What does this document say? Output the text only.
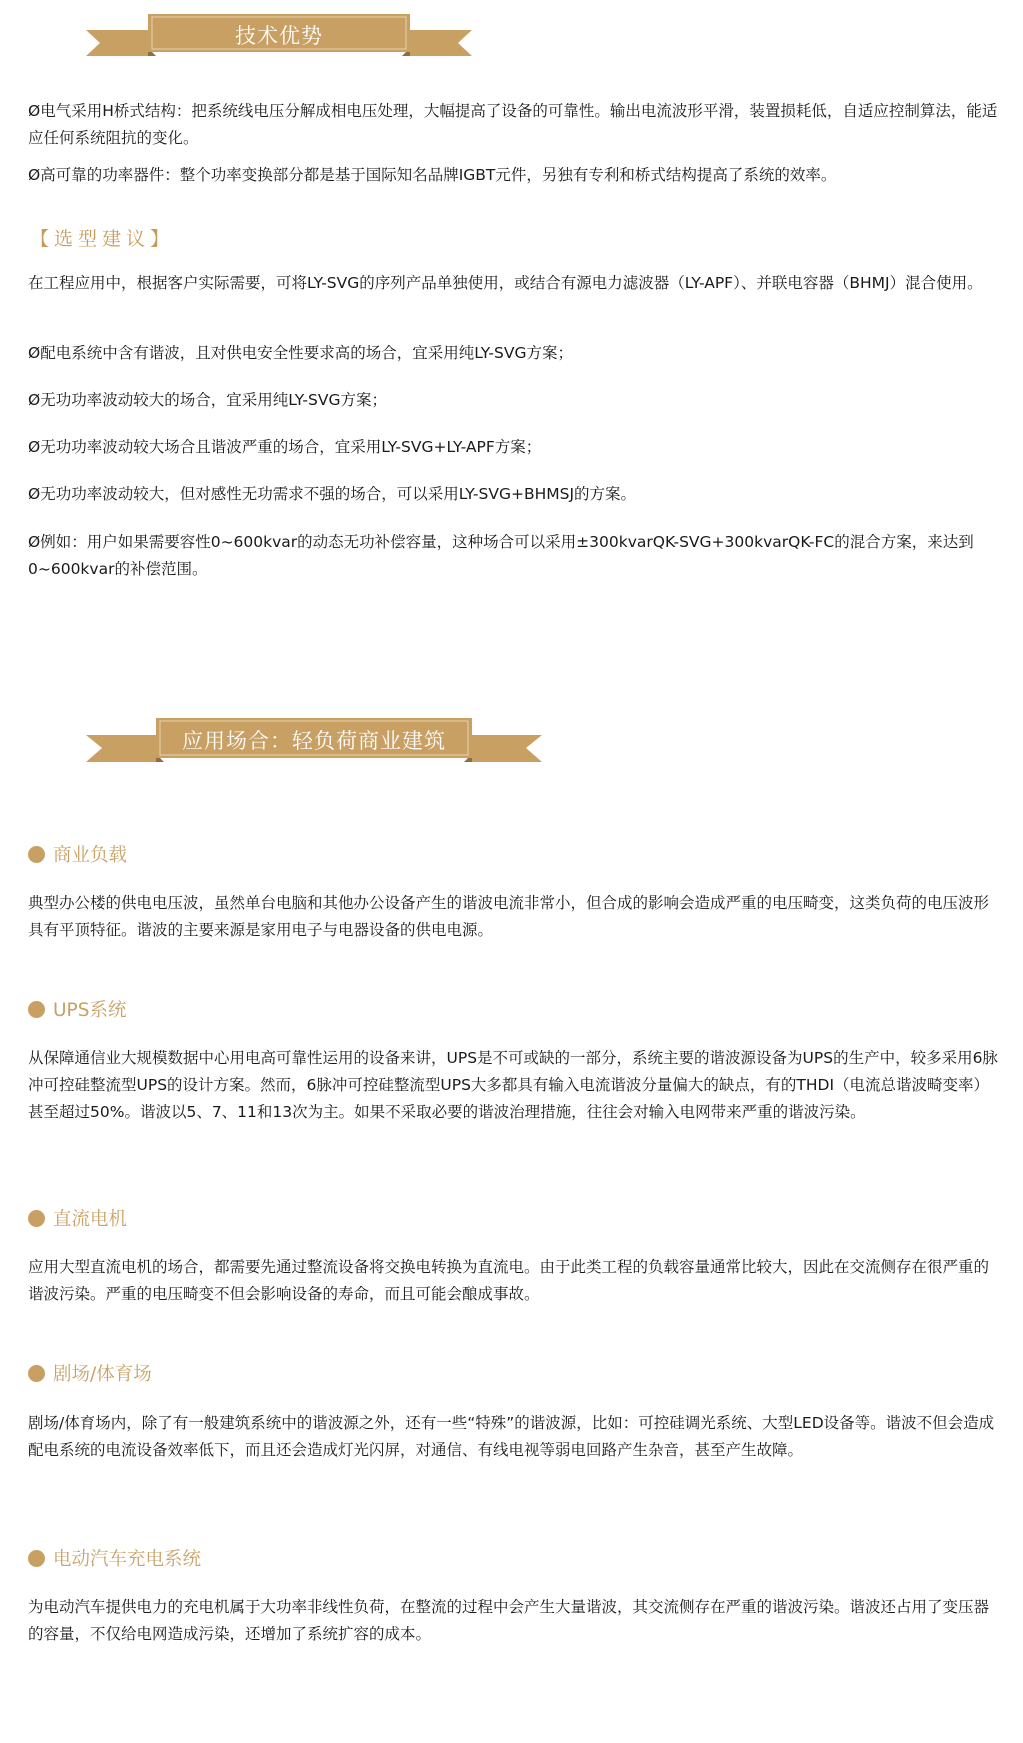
技术优势

Ø电气采用H桥式结构：把系统线电压分解成相电压处理，大幅提高了设备的可靠性。输出电流波形平滑，装置损耗低，自适应控制算法，能适应任何系统阻抗的变化。

Ø高可靠的功率器件：整个功率变换部分都是基于国际知名品牌IGBT元件，另独有专利和桥式结构提高了系统的效率。

【选型建议】

在工程应用中，根据客户实际需要，可将LY-SVG的序列产品单独使用，或结合有源电力滤波器（LY-APF）、并联电容器（BHMJ）混合使用。

Ø配电系统中含有谐波，且对供电安全性要求高的场合，宜采用纯LY-SVG方案；

Ø无功功率波动较大的场合，宜采用纯LY-SVG方案；

Ø无功功率波动较大场合且谐波严重的场合，宜采用LY-SVG+LY-APF方案；

Ø无功功率波动较大，但对感性无功需求不强的场合，可以采用LY-SVG+BHMSJ的方案。

Ø例如：用户如果需要容性0~600kvar的动态无功补偿容量，这种场合可以采用±300kvarQK-SVG+300kvarQK-FC的混合方案，来达到0~600kvar的补偿范围。

应用场合：轻负荷商业建筑
商业负载

典型办公楼的供电电压波，虽然单台电脑和其他办公设备产生的谐波电流非常小，但合成的影响会造成严重的电压畸变，这类负荷的电压波形具有平顶特征。谐波的主要来源是家用电子与电器设备的供电电源。

UPS系统

从保障通信业大规模数据中心用电高可靠性运用的设备来讲，UPS是不可或缺的一部分，系统主要的谐波源设备为UPS的生产中，较多采用6脉冲可控硅整流型UPS的设计方案。然而，6脉冲可控硅整流型UPS大多都具有输入电流谐波分量偏大的缺点，有的THDI（电流总谐波畸变率）甚至超过50%。谐波以5、7、11和13次为主。如果不采取必要的谐波治理措施，往往会对输入电网带来严重的谐波污染。

直流电机

应用大型直流电机的场合，都需要先通过整流设备将交换电转换为直流电。由于此类工程的负载容量通常比较大，因此在交流侧存在很严重的谐波污染。严重的电压畸变不但会影响设备的寿命，而且可能会酿成事故。

剧场/体育场

剧场/体育场内，除了有一般建筑系统中的谐波源之外，还有一些“特殊”的谐波源，比如：可控硅调光系统、大型LED设备等。谐波不但会造成配电系统的电流设备效率低下，而且还会造成灯光闪屏，对通信、有线电视等弱电回路产生杂音，甚至产生故障。

电动汽车充电系统

为电动汽车提供电力的充电机属于大功率非线性负荷，在整流的过程中会产生大量谐波，其交流侧存在严重的谐波污染。谐波还占用了变压器的容量，不仅给电网造成污染，还增加了系统扩容的成本。
